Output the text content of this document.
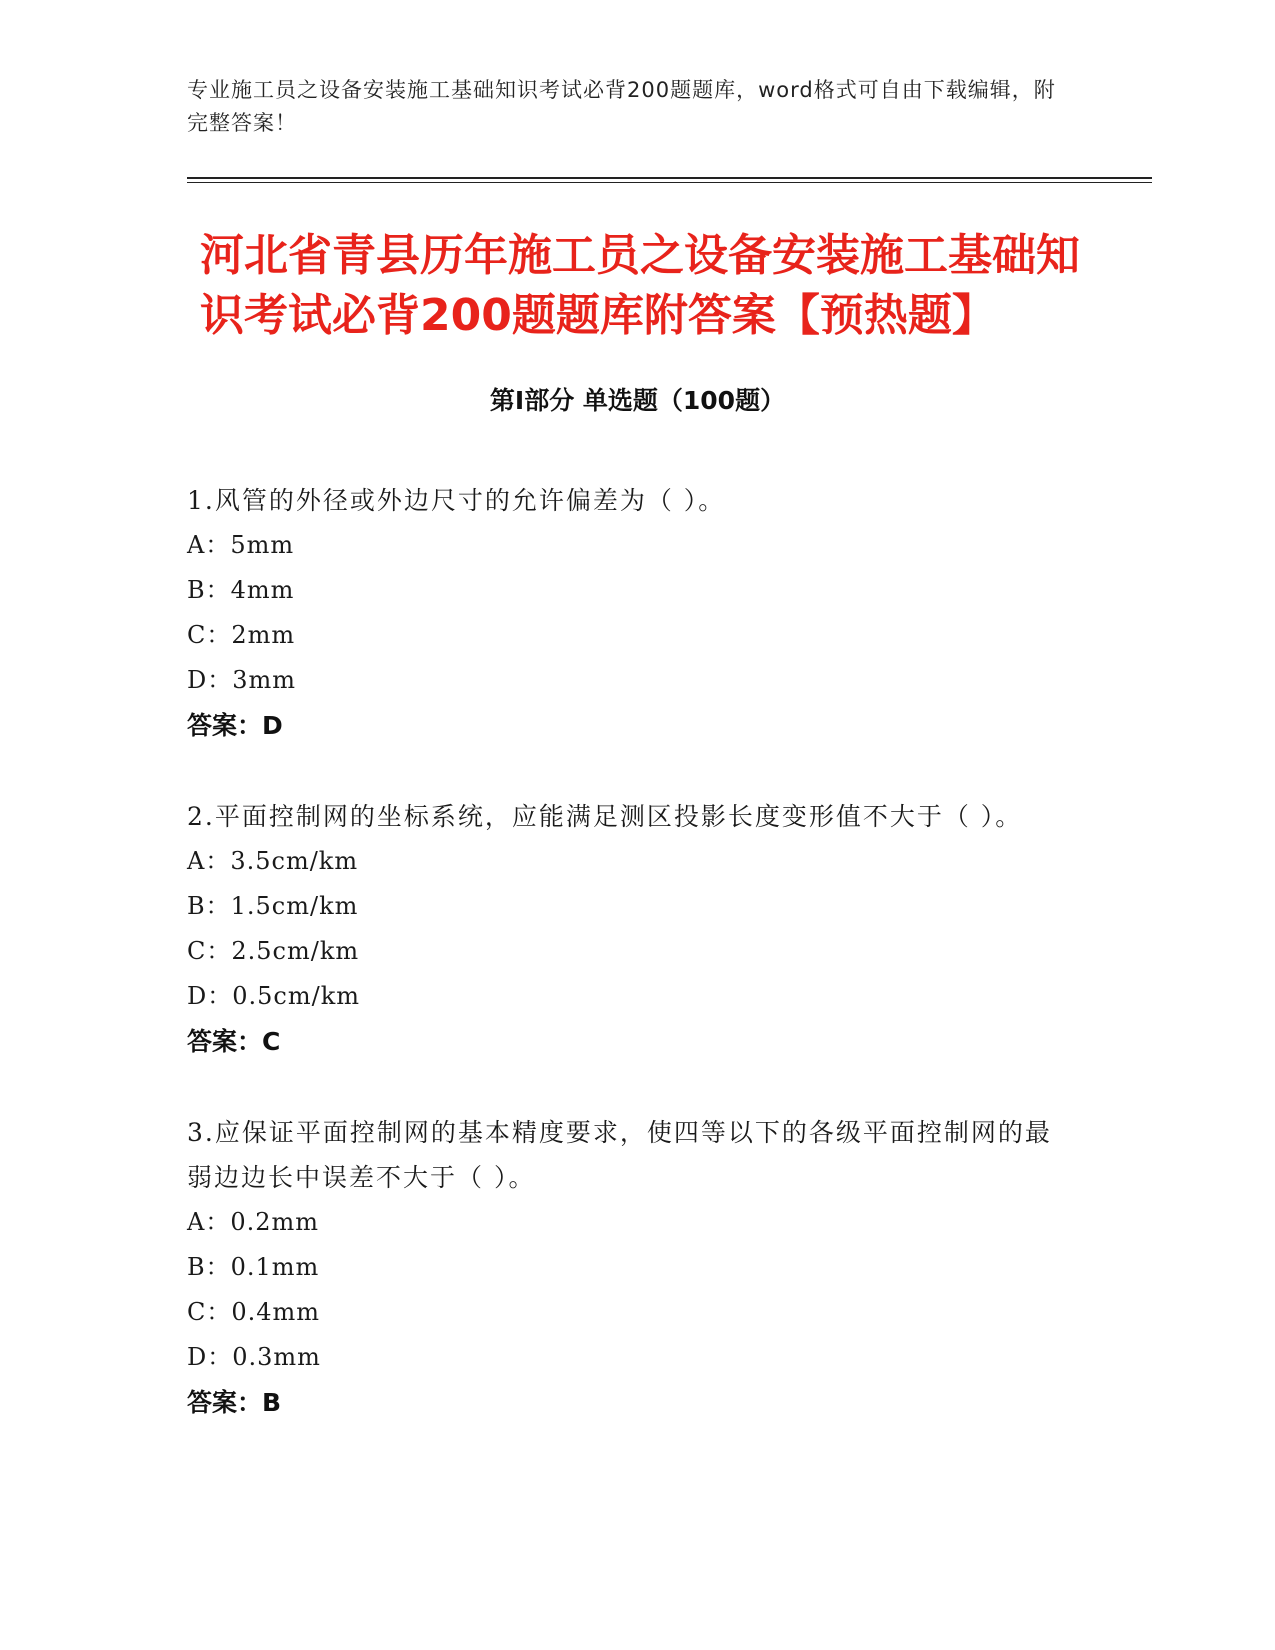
专业施工员之设备安装施工基础知识考试必背200题题库，word格式可自由下载编辑，附完整答案！
河北省青县历年施工员之设备安装施工基础知识考试必背200题题库附答案【预热题】
第Ⅰ部分 单选题（100题）

1.风管的外径或外边尺寸的允许偏差为（ ）。

A：5mm

B：4mm

C：2mm

D：3mm

答案：D

2.平面控制网的坐标系统，应能满足测区投影长度变形值不大于（ ）。

A：3.5cm/km

B：1.5cm/km

C：2.5cm/km

D：0.5cm/km

答案：C

3.应保证平面控制网的基本精度要求，使四等以下的各级平面控制网的最弱边边长中误差不大于（ ）。

A：0.2mm

B：0.1mm

C：0.4mm

D：0.3mm

答案：B
